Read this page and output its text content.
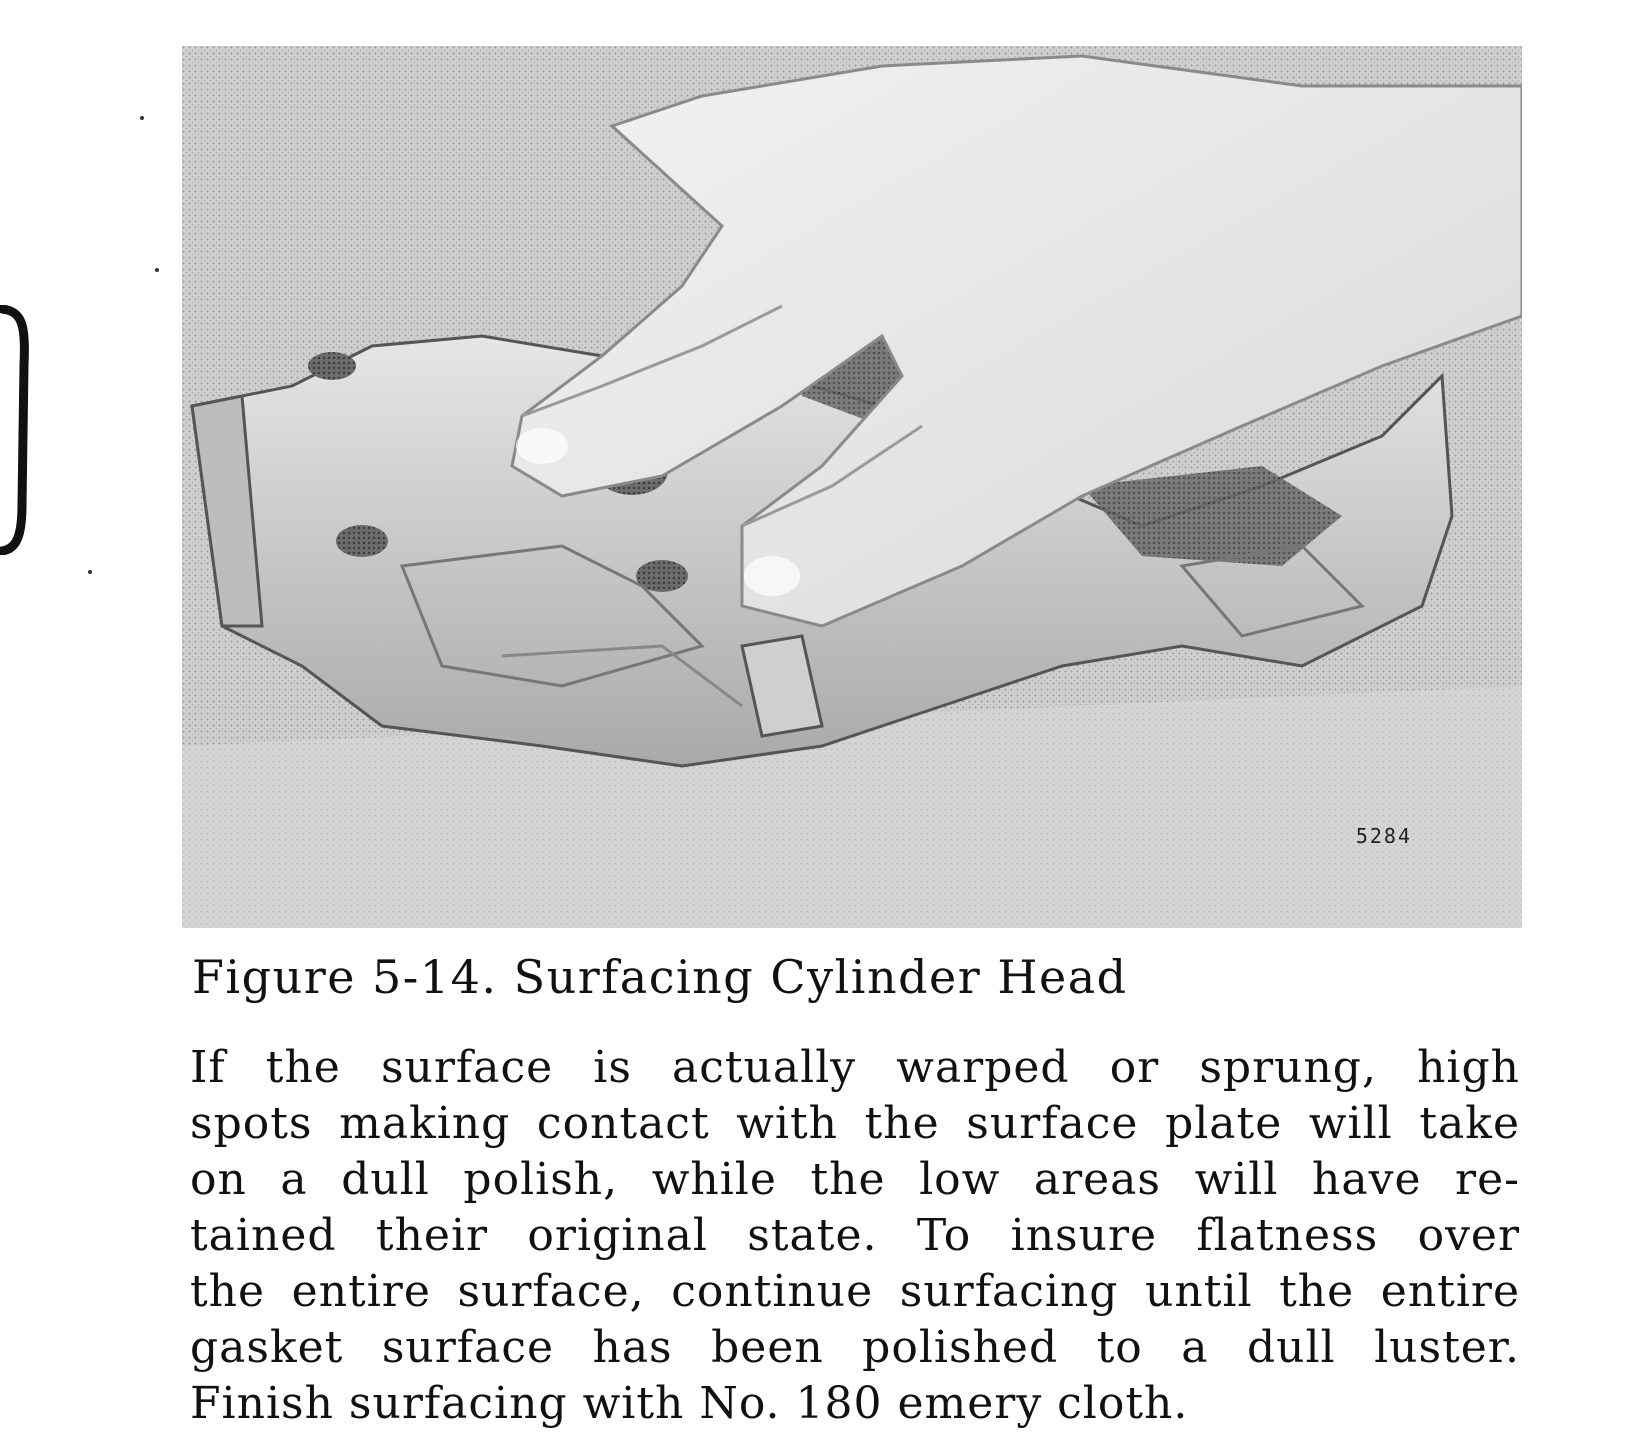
5284
Figure 5-14. Surfacing Cylinder Head
If the surface is actually warped or sprung, high
spots making contact with the surface plate will take
on a dull polish, while the low areas will have re-
tained their original state. To insure flatness over
the entire surface, continue surfacing until the entire
gasket surface has been polished to a dull luster.
Finish surfacing with No. 180 emery cloth.
